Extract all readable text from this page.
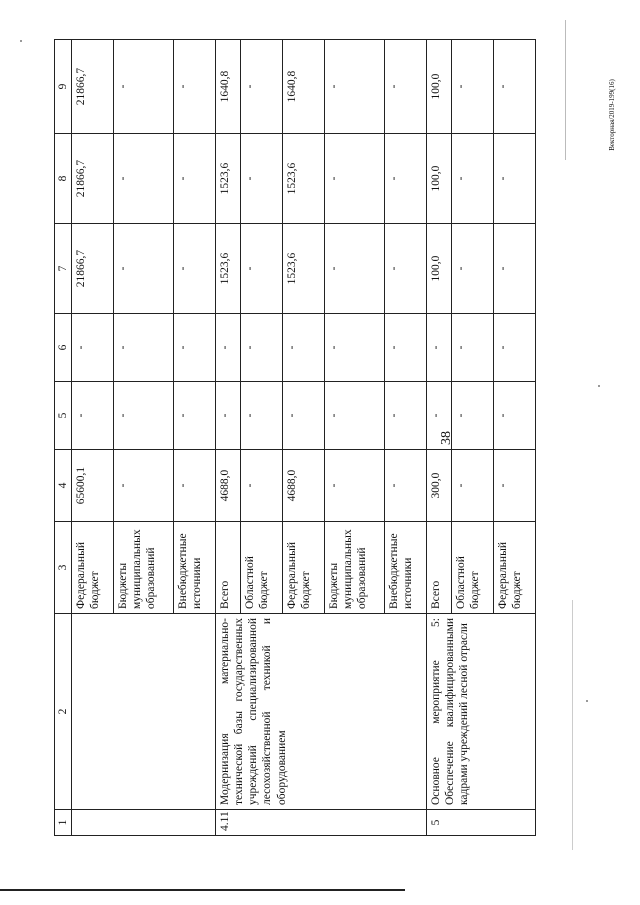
38
Векторная/2019-199(16)
1	2	3	4	5	6	7	8	9
		Федеральный бюджет	65600,1	-	-	21866,7	21866,7	21866,7
		Бюджеты муниципальных образований	-	-	-	-	-	-
		Внебюджетные источники	-	-	-	-	-	-
4.11	Модернизация материально-технической базы государственных учреждений специализированной лесохозяйственной техникой и оборудованием	Всего	4688,0	-	-	1523,6	1523,6	1640,8
		Областной бюджет	-	-	-	-	-	-
		Федеральный бюджет	4688,0	-	-	1523,6	1523,6	1640,8
		Бюджеты муниципальных образований	-	-	-	-	-	-
		Внебюджетные источники	-	-	-	-	-	-
5	Основное мероприятие 5: Обеспечение квалифицированными кадрами учреждений лесной отрасли	Всего	300,0	-	-	100,0	100,0	100,0
		Областной бюджет	-	-	-	-	-	-
		Федеральный бюджет	-	-	-	-	-	-
